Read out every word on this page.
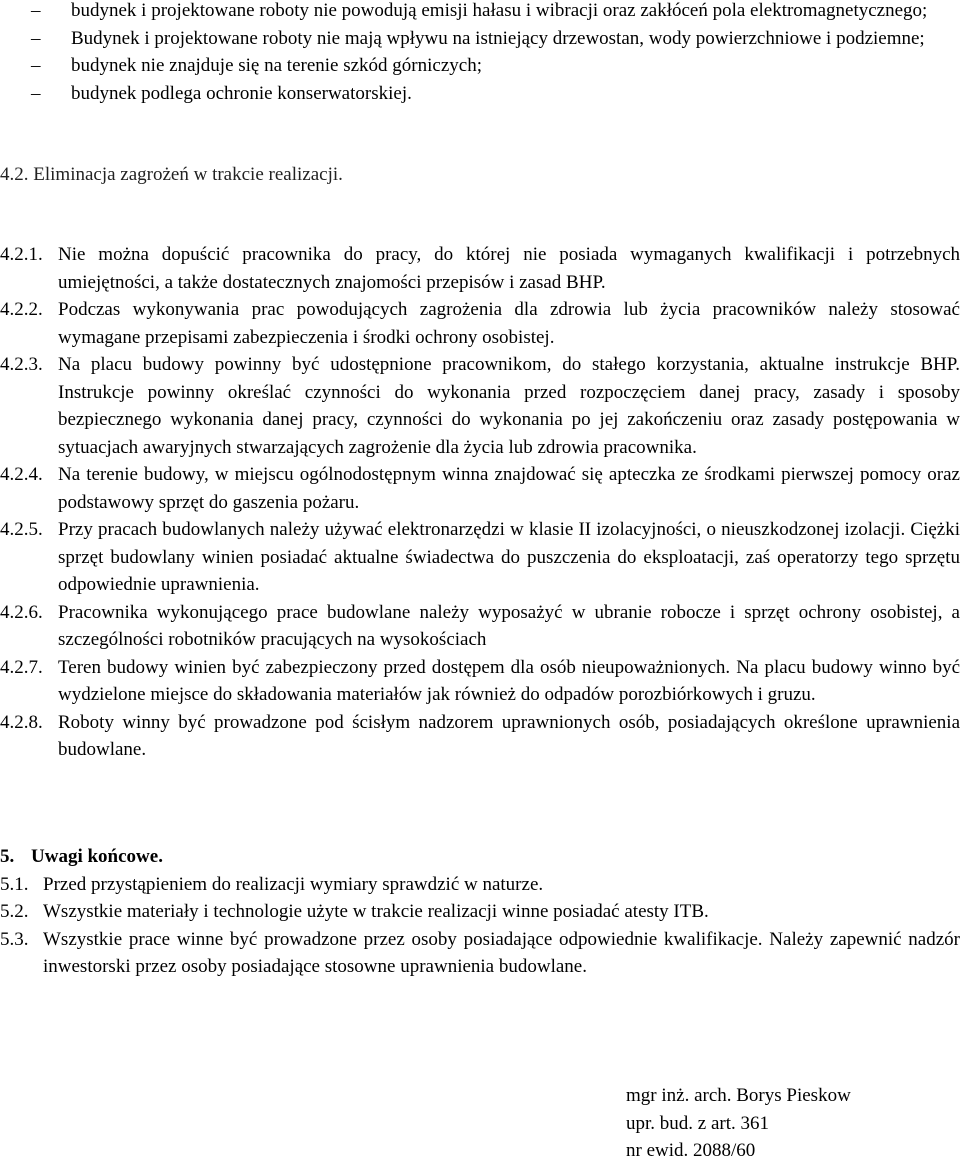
–	budynek i projektowane roboty nie powodują emisji hałasu i wibracji oraz zakłóceń pola elektromagnetycznego;
–	Budynek i projektowane roboty nie mają wpływu na istniejący drzewostan, wody powierzchniowe i podziemne;
–	budynek nie znajduje się na terenie szkód górniczych;
–	budynek podlega ochronie konserwatorskiej.
4.2. Eliminacja zagrożeń w trakcie realizacji.
4.2.1. Nie można dopuścić pracownika do pracy, do której nie posiada wymaganych kwalifikacji i potrzebnych umiejętności, a także dostatecznych znajomości przepisów i zasad BHP.
4.2.2. Podczas wykonywania prac powodujących zagrożenia dla zdrowia lub życia pracowników należy stosować wymagane przepisami zabezpieczenia i środki ochrony osobistej.
4.2.3. Na placu budowy powinny być udostępnione pracownikom, do stałego korzystania, aktualne instrukcje BHP. Instrukcje powinny określać czynności do wykonania przed rozpoczęciem danej pracy, zasady i sposoby bezpiecznego wykonania danej pracy, czynności do wykonania po jej zakończeniu oraz zasady postępowania w sytuacjach awaryjnych stwarzających zagrożenie dla życia lub zdrowia pracownika.
4.2.4. Na terenie budowy, w miejscu ogólnodostępnym winna znajdować się apteczka ze środkami pierwszej pomocy oraz podstawowy sprzęt do gaszenia pożaru.
4.2.5. Przy pracach budowlanych należy używać elektronarzędzi w klasie II izolacyjności, o nieuszkodzonej izolacji. Ciężki sprzęt budowlany winien posiadać aktualne świadectwa do puszczenia do eksploatacji, zaś operatorzy tego sprzętu odpowiednie uprawnienia.
4.2.6. Pracownika wykonującego prace budowlane należy wyposażyć w ubranie robocze i sprzęt ochrony osobistej, a szczególności robotników pracujących na wysokościach
4.2.7. Teren budowy winien być zabezpieczony przed dostępem dla osób nieupoważnionych. Na placu budowy winno być wydzielone miejsce do składowania materiałów jak również do odpadów porozbiórkowych i gruzu.
4.2.8. Roboty winny być prowadzone pod ścisłym nadzorem uprawnionych osób, posiadających określone uprawnienia budowlane.
5. Uwagi końcowe.
5.1. Przed przystąpieniem do realizacji wymiary sprawdzić w naturze.
5.2. Wszystkie materiały i technologie użyte w trakcie realizacji winne posiadać atesty ITB.
5.3. Wszystkie prace winne być prowadzone przez osoby posiadające odpowiednie kwalifikacje. Należy zapewnić nadzór inwestorski przez osoby posiadające stosowne uprawnienia budowlane.
mgr inż. arch. Borys Pieskow
upr. bud. z art. 361
nr ewid. 2088/60
